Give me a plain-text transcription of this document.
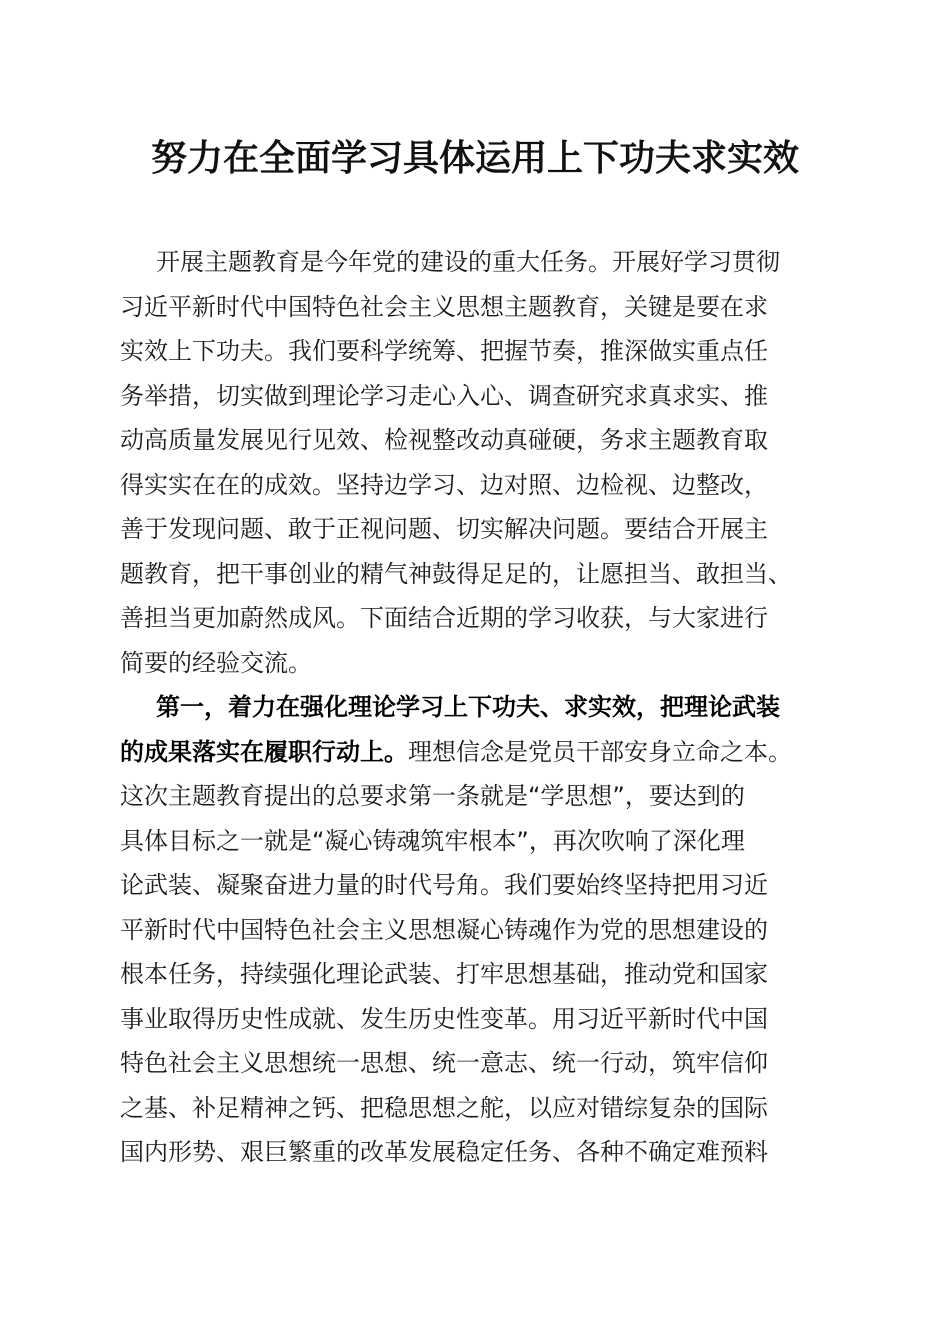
努力在全面学习具体运用上下功夫求实效
开展主题教育是今年党的建设的重大任务。开展好学习贯彻
习近平新时代中国特色社会主义思想主题教育，关键是要在求
实效上下功夫。我们要科学统筹、把握节奏，推深做实重点任
务举措，切实做到理论学习走心入心、调查研究求真求实、推
动高质量发展见行见效、检视整改动真碰硬，务求主题教育取
得实实在在的成效。坚持边学习、边对照、边检视、边整改，
善于发现问题、敢于正视问题、切实解决问题。要结合开展主
题教育，把干事创业的精气神鼓得足足的，让愿担当、敢担当、
善担当更加蔚然成风。下面结合近期的学习收获，与大家进行
简要的经验交流。
第一，着力在强化理论学习上下功夫、求实效，把理论武装
的成果落实在履职行动上。理想信念是党员干部安身立命之本。
这次主题教育提出的总要求第一条就是“学思想”，要达到的
具体目标之一就是“凝心铸魂筑牢根本”，再次吹响了深化理
论武装、凝聚奋进力量的时代号角。我们要始终坚持把用习近
平新时代中国特色社会主义思想凝心铸魂作为党的思想建设的
根本任务，持续强化理论武装、打牢思想基础，推动党和国家
事业取得历史性成就、发生历史性变革。用习近平新时代中国
特色社会主义思想统一思想、统一意志、统一行动，筑牢信仰
之基、补足精神之钙、把稳思想之舵，以应对错综复杂的国际
国内形势、艰巨繁重的改革发展稳定任务、各种不确定难预料
